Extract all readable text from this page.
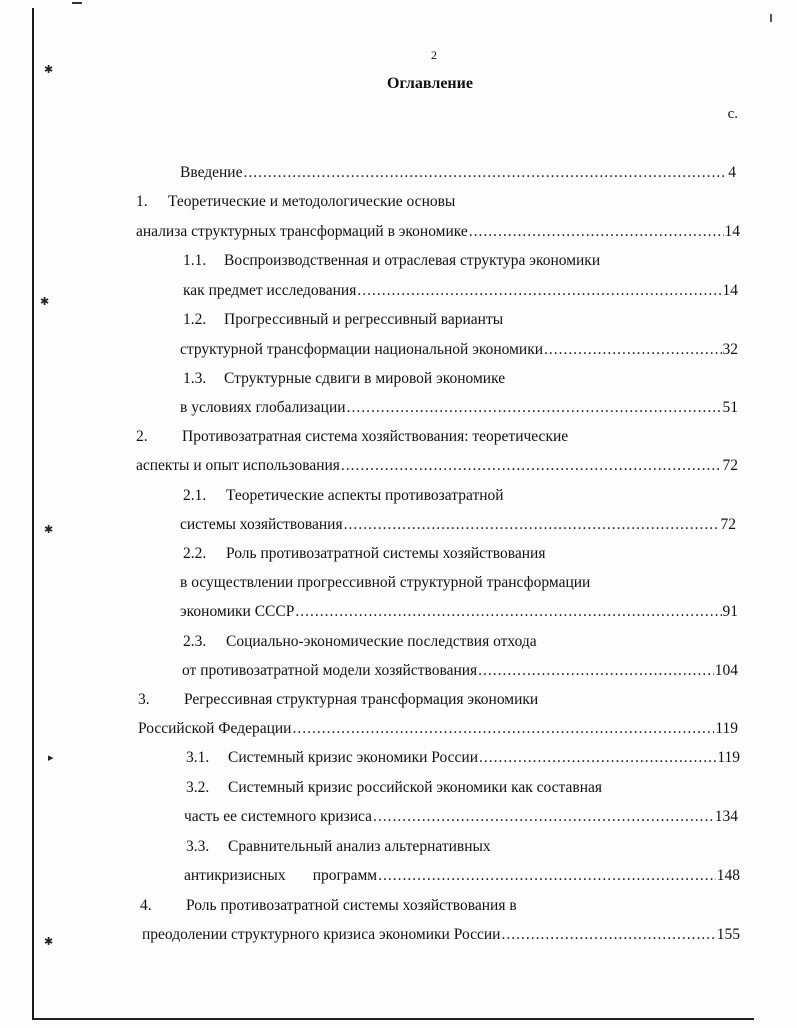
✱
✱
✱
▸
✱
2
Оглавление
с.
Введение .....	4
1. Теоретические и методологические основы
анализа структурных трансформаций в экономике .....	14
1.1. Воспроизводственная и отраслевая структура экономики
как предмет исследования .....	14
1.2. Прогрессивный и регрессивный варианты
структурной трансформации национальной экономики .....	32
1.3. Структурные сдвиги в мировой экономике
в условиях глобализации .....	51
2. Противозатратная система хозяйствования: теоретические
аспекты и опыт использования .....	72
2.1. Теоретические аспекты противозатратной
системы хозяйствования .....	72
2.2. Роль противозатратной системы хозяйствования
в осуществлении прогрессивной структурной трансформации
экономики СССР .....	91
2.3. Социально-экономические последствия отхода
от противозатратной модели хозяйствования .....	104
3. Регрессивная структурная трансформация экономики
Российской Федерации .....	119
3.1. Системный кризис экономики России .....	119
3.2. Системный кризис российской экономики как составная
часть ее системного кризиса .....	134
3.3. Сравнительный анализ альтернативных
антикризисных       программ .....	148
4. Роль противозатратной системы хозяйствования в
преодолении структурного кризиса экономики России .....	155
